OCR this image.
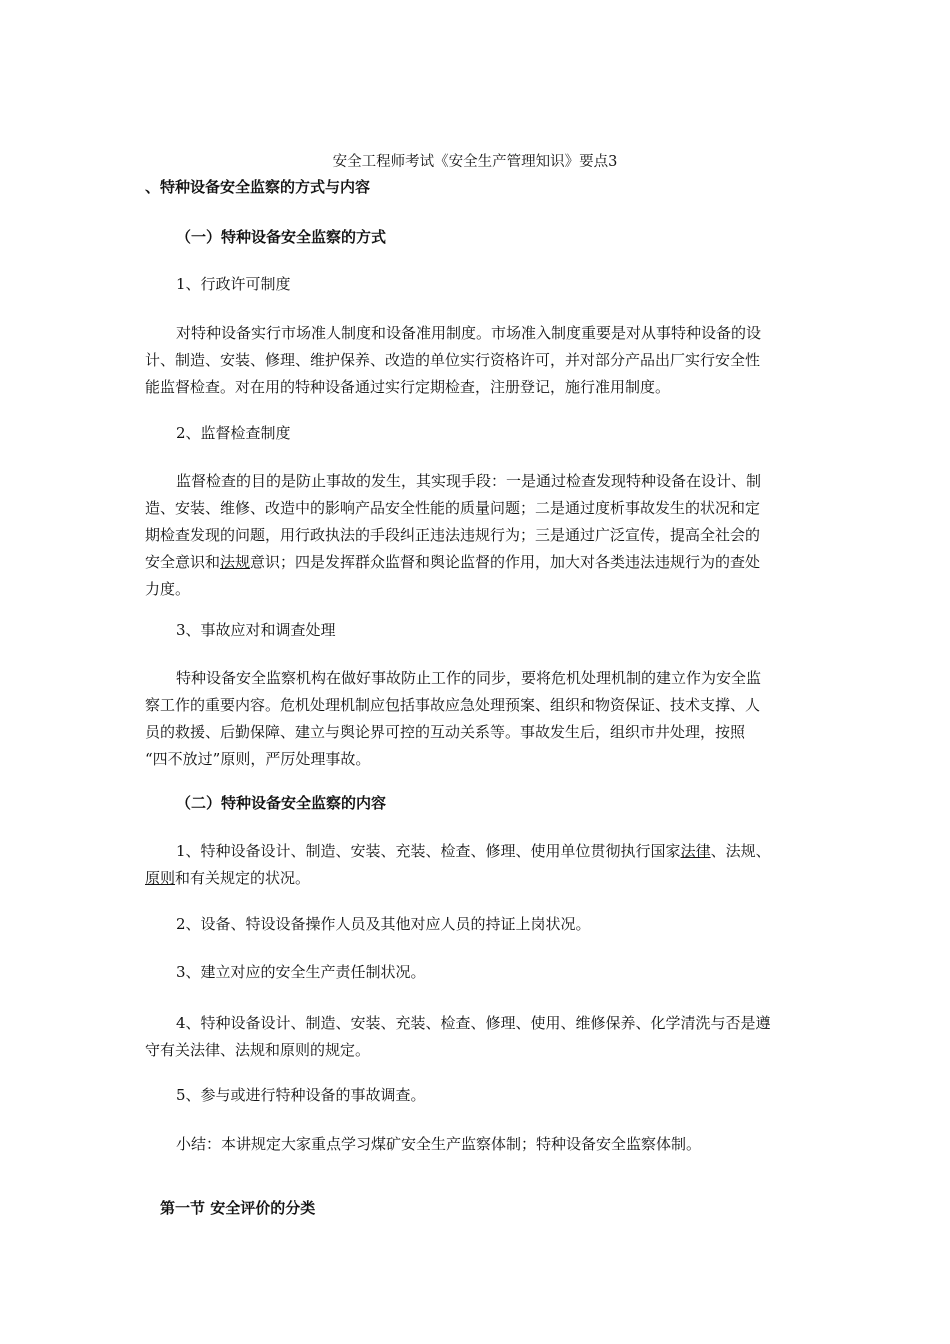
安全工程师考试《安全生产管理知识》要点3
、特种设备安全监察的方式与内容
（一）特种设备安全监察的方式
1、行政许可制度
对特种设备实行市场准人制度和设备准用制度。市场准入制度重要是对从事特种设备的设
计、制造、安装、修理、维护保养、改造的单位实行资格许可，并对部分产品出厂实行安全性
能监督检查。对在用的特种设备通过实行定期检查，注册登记，施行准用制度。
2、监督检查制度
监督检查的目的是防止事故的发生，其实现手段：一是通过检查发现特种设备在设计、制
造、安装、维修、改造中的影响产品安全性能的质量问题；二是通过度析事故发生的状况和定
期检查发现的问题，用行政执法的手段纠正违法违规行为；三是通过广泛宣传，提高全社会的
安全意识和法规意识；四是发挥群众监督和舆论监督的作用，加大对各类违法违规行为的查处
力度。
3、事故应对和调查处理
特种设备安全监察机构在做好事故防止工作的同步，要将危机处理机制的建立作为安全监
察工作的重要内容。危机处理机制应包括事故应急处理预案、组织和物资保证、技术支撑、人
员的救援、后勤保障、建立与舆论界可控的互动关系等。事故发生后，组织市井处理，按照
“四不放过”原则，严厉处理事故。
（二）特种设备安全监察的内容
1、特种设备设计、制造、安装、充装、检查、修理、使用单位贯彻执行国家法律、法规、
原则和有关规定的状况。
2、设备、特设设备操作人员及其他对应人员的持证上岗状况。
3、建立对应的安全生产责任制状况。
4、特种设备设计、制造、安装、充装、检查、修理、使用、维修保养、化学清洗与否是遵
守有关法律、法规和原则的规定。
5、参与或进行特种设备的事故调查。
小结：本讲规定大家重点学习煤矿安全生产监察体制；特种设备安全监察体制。
第一节 安全评价的分类
